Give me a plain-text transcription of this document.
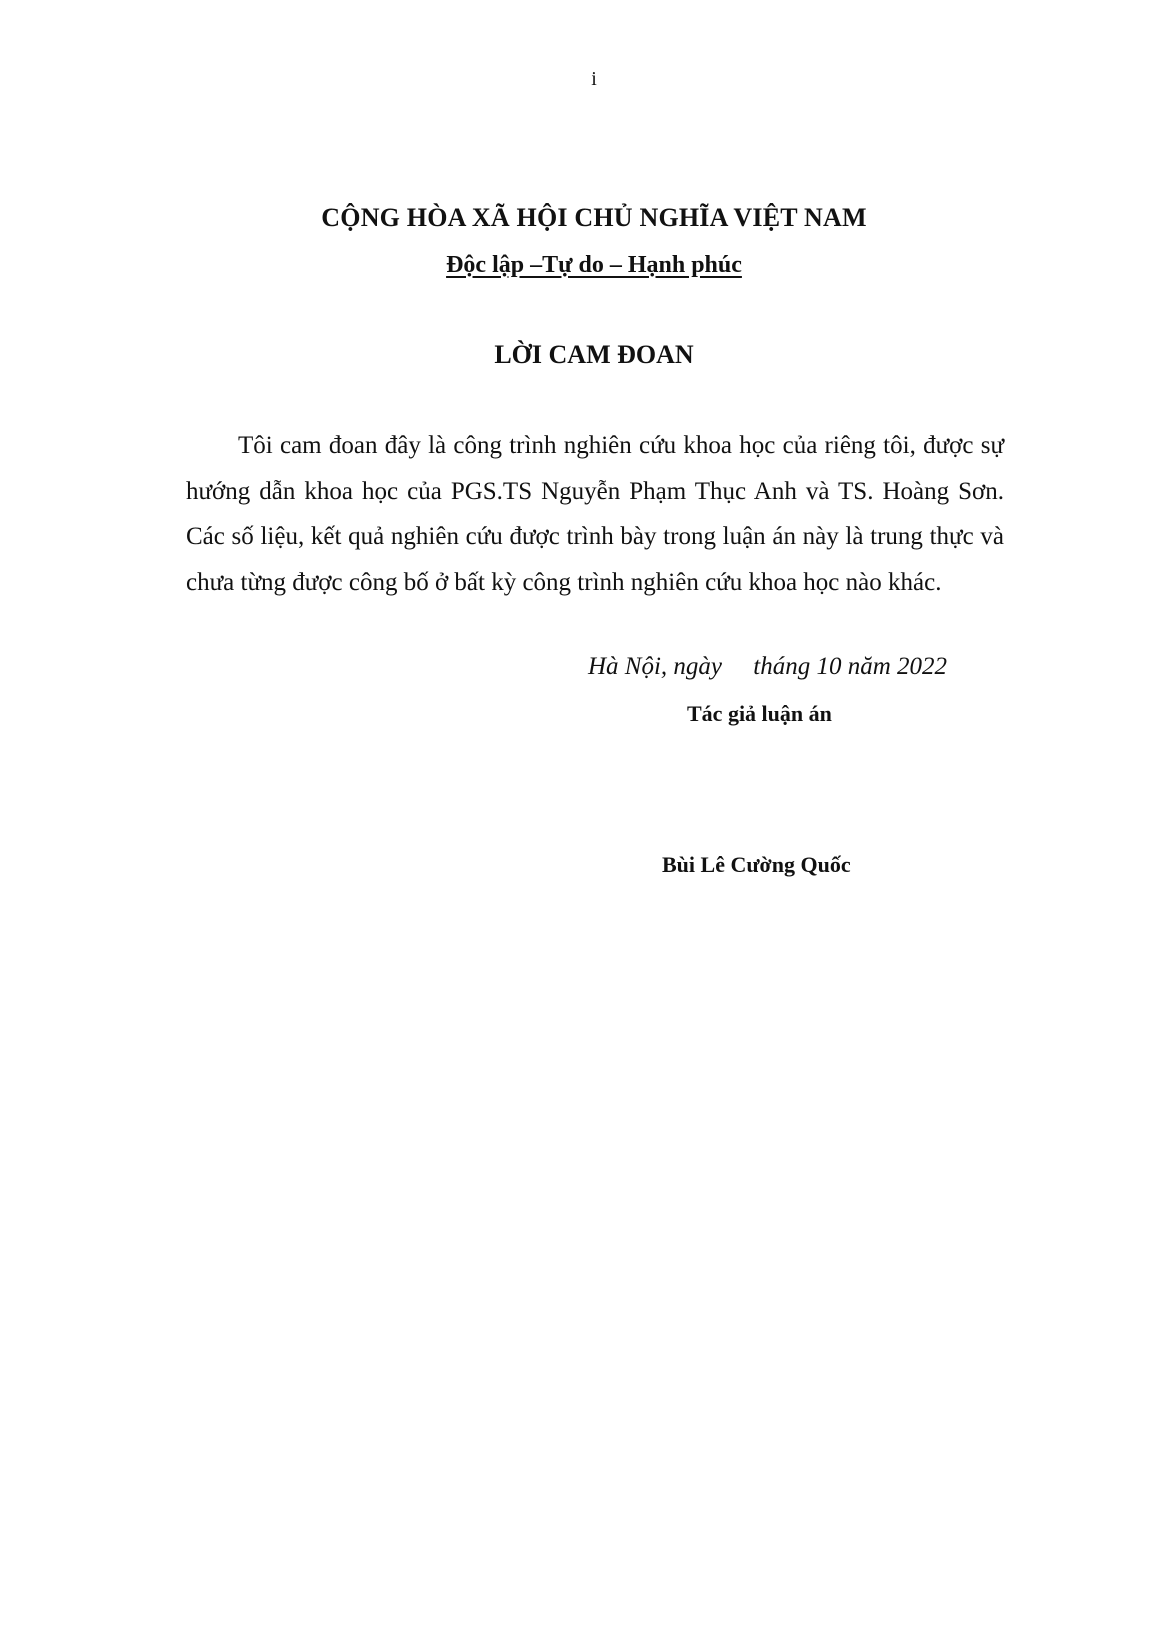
i
CỘNG HÒA XÃ HỘI CHỦ NGHĨA VIỆT NAM
Độc lập –Tự do – Hạnh phúc
LỜI CAM ĐOAN

Tôi cam đoan đây là công trình nghiên cứu khoa học của riêng tôi, được sự hướng dẫn khoa học của PGS.TS Nguyễn Phạm Thục Anh và TS. Hoàng Sơn. Các số liệu, kết quả nghiên cứu được trình bày trong luận án này là trung thực và chưa từng được công bố ở bất kỳ công trình nghiên cứu khoa học nào khác.

Hà Nội, ngày     tháng 10 năm 2022
Tác giả luận án
Bùi Lê Cường Quốc
